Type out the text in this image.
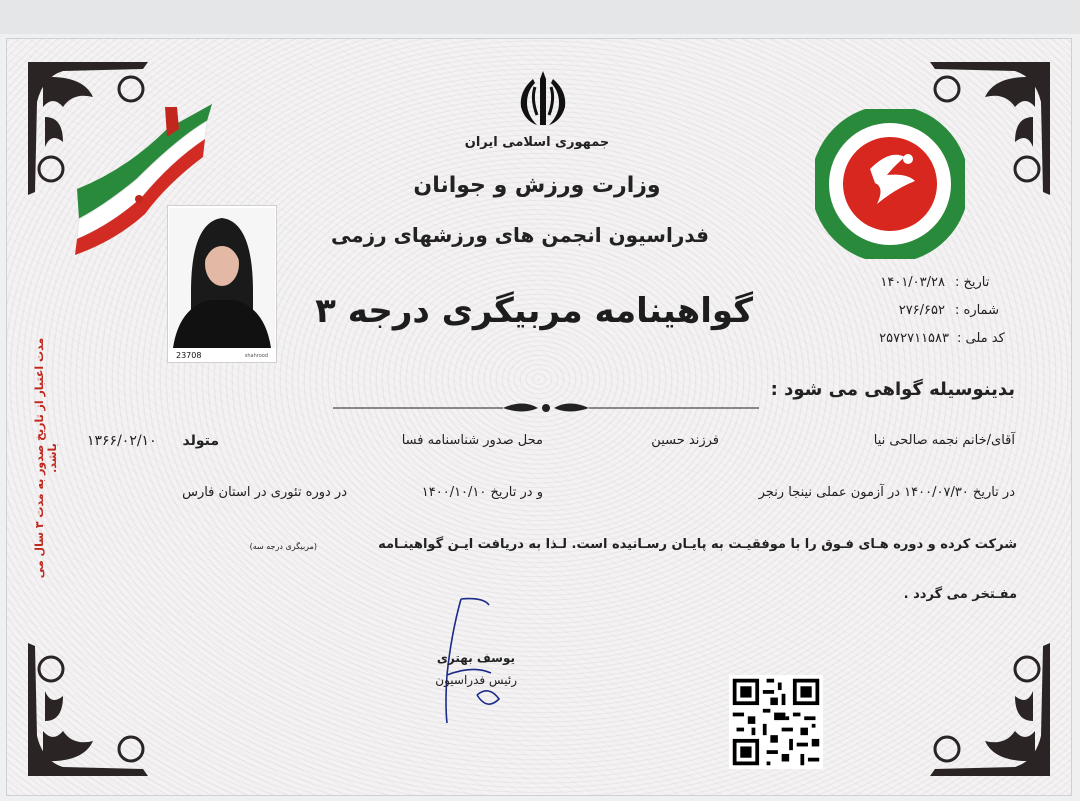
مدت اعتبار از تاریخ صدور به مدت ۳ سال می باشد.
جمهوری اسلامی ایران
وزارت ورزش و جوانان
فدراسیون انجمن های ورزشهای رزمی
گواهینامه مربیگری درجه ۳
23708	shahrood
تاریخ :
۱۴۰۱/۰۳/۲۸
شماره :
۲۷۶/۶۵۲
کد ملی :
۲۵۷۲۷۱۱۵۸۳
بدینوسیله گواهی می شود :
آقای/خانم نجمه صالحی نیا
فرزند حسین
محل صدور شناسنامه فسا
متولد
۱۳۶۶/۰۲/۱۰
در تاریخ ۱۴۰۰/۰۷/۳۰ در آزمون عملی نینجا رنجر
و در تاریخ ۱۴۰۰/۱۰/۱۰
در دوره تئوری در استان فارس
شرکت کرده و دوره هـای فـوق را با موفقیـت به پایـان رسـانیده است. لـذا به دریافت ایـن گواهینـامه
(مربیگری درجه سه)
مفـتخر می گردد .
یوسف بهتری
رئیس فدراسیون
